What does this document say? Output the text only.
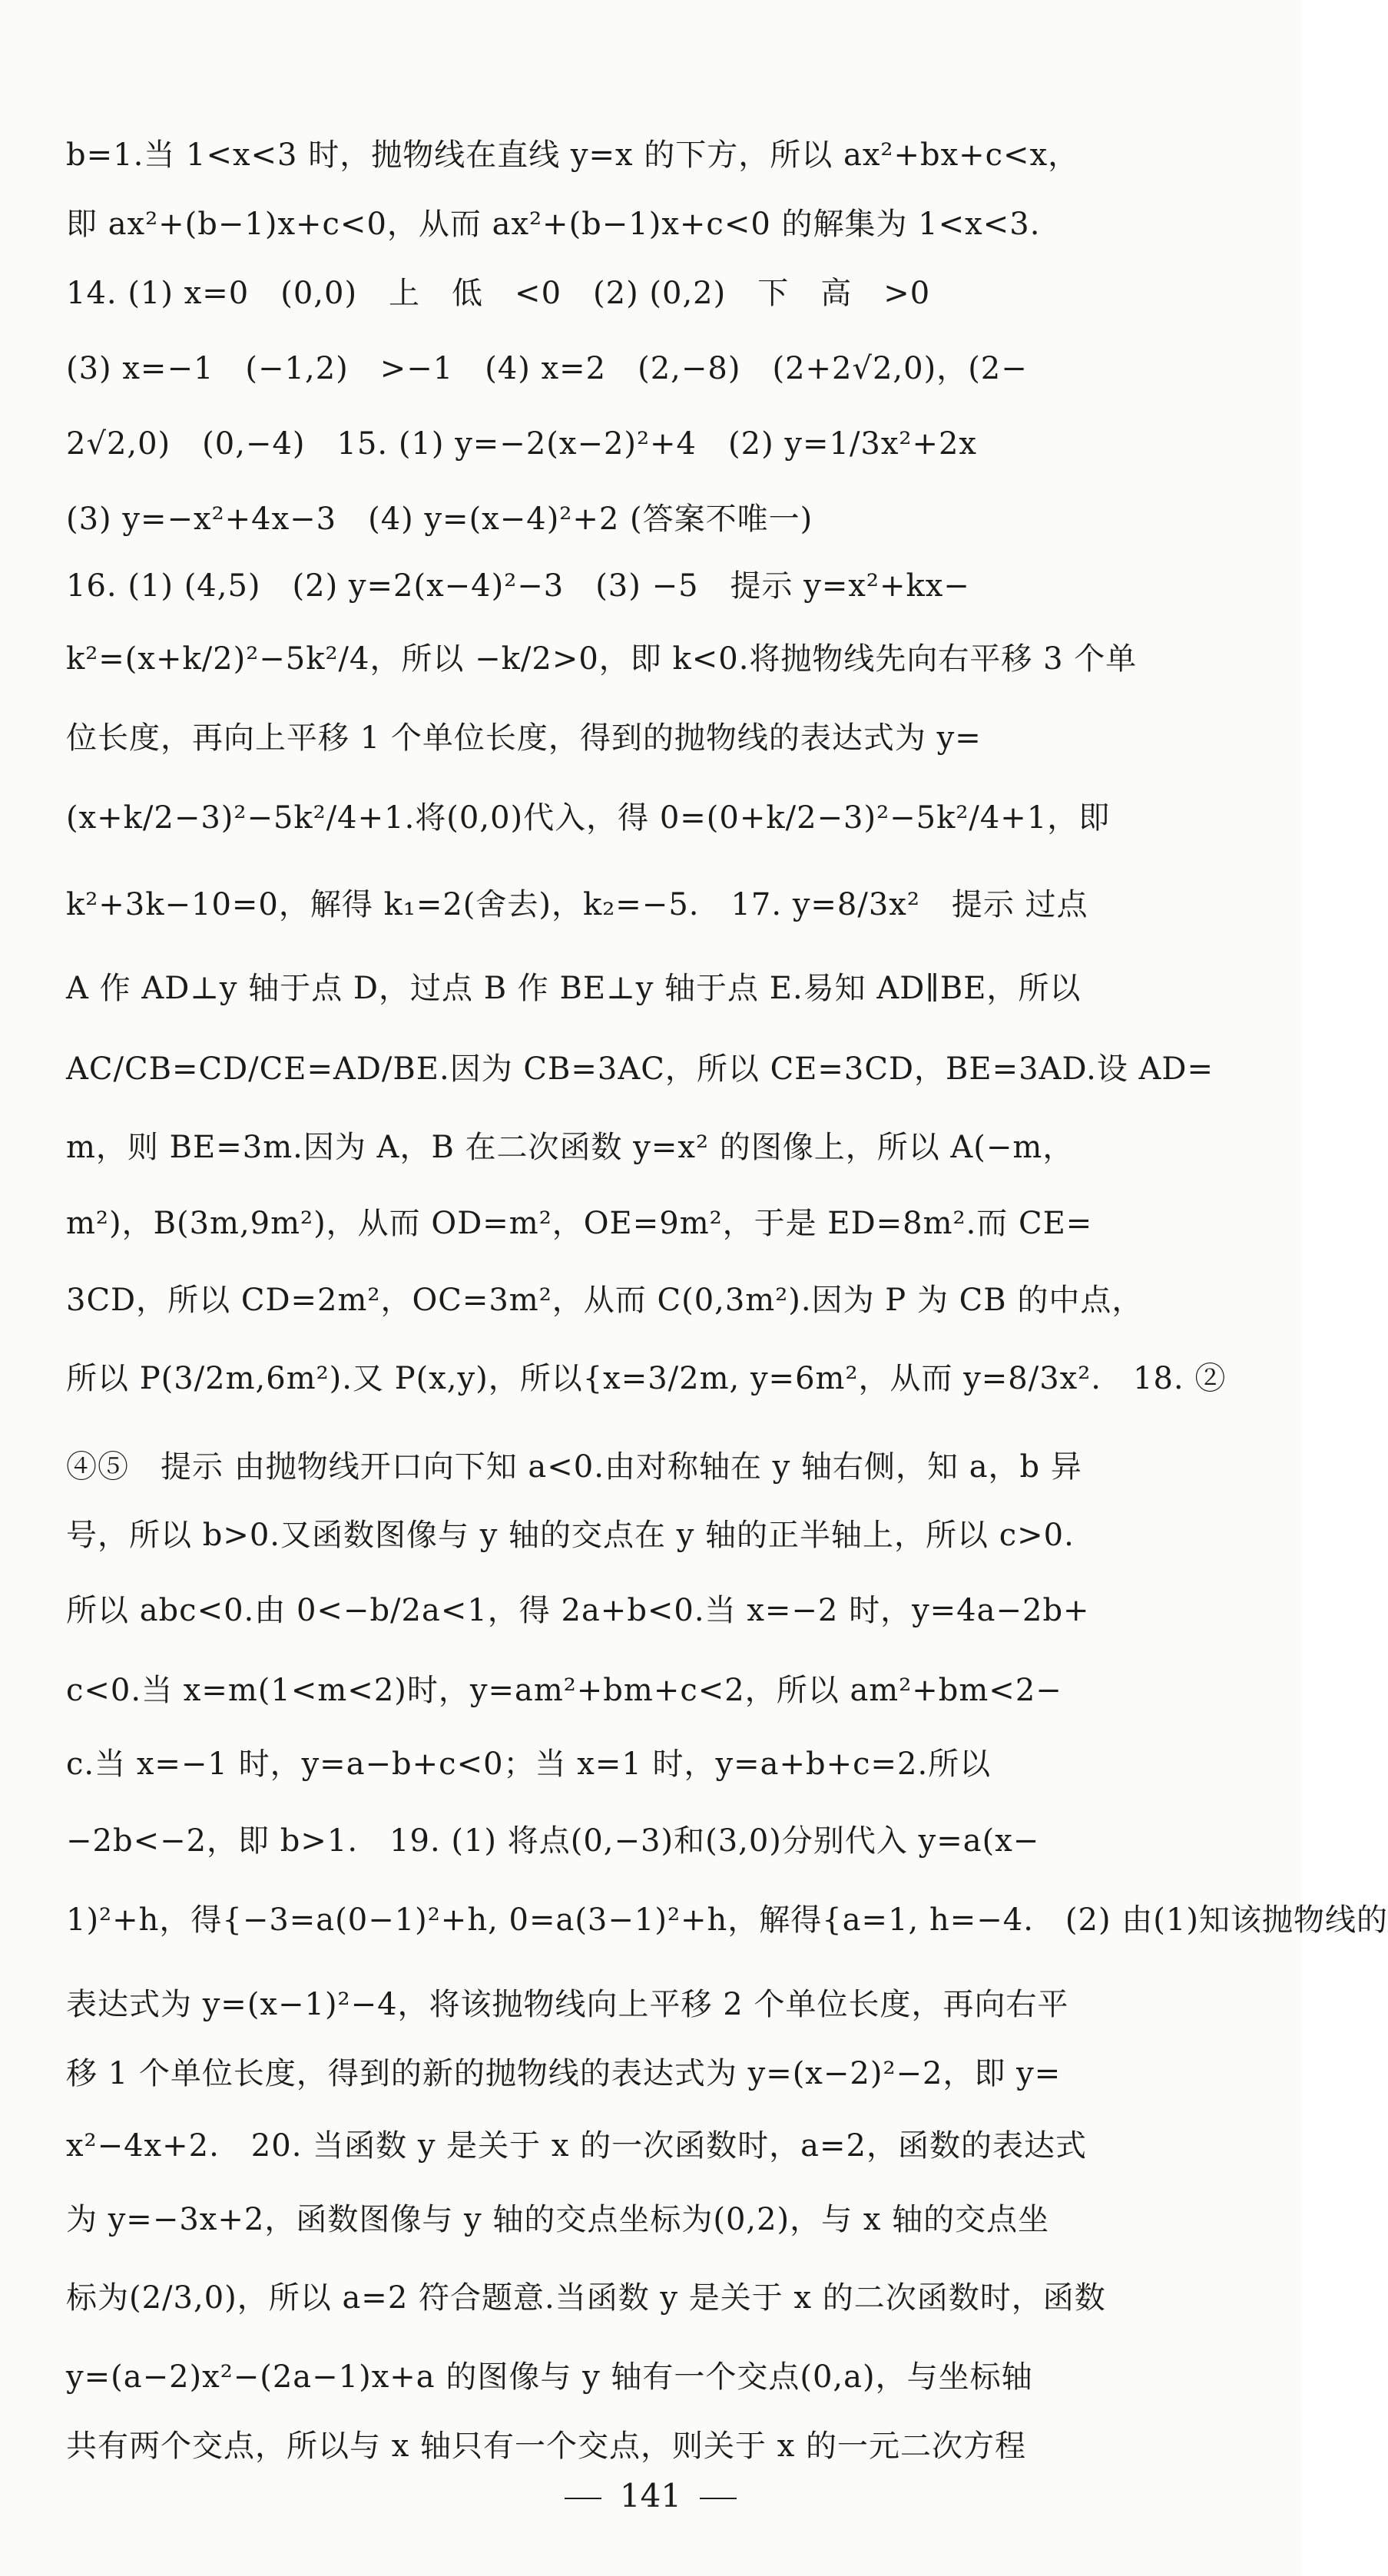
b=1.当 1<x<3 时，抛物线在直线 y=x 的下方，所以 ax²+bx+c<x，
即 ax²+(b−1)x+c<0，从而 ax²+(b−1)x+c<0 的解集为 1<x<3.
14. (1) x=0　(0,0)　上　低　<0　(2) (0,2)　下　高　>0
(3) x=−1　(−1,2)　>−1　(4) x=2　(2,−8)　(2+2√2,0)，(2−
2√2,0)　(0,−4)　15. (1) y=−2(x−2)²+4　(2) y=1/3x²+2x
(3) y=−x²+4x−3　(4) y=(x−4)²+2 (答案不唯一)
16. (1) (4,5)　(2) y=2(x−4)²−3　(3) −5　提示 y=x²+kx−
k²=(x+k/2)²−5k²/4，所以 −k/2>0，即 k<0.将抛物线先向右平移 3 个单
位长度，再向上平移 1 个单位长度，得到的抛物线的表达式为 y=
(x+k/2−3)²−5k²/4+1.将(0,0)代入，得 0=(0+k/2−3)²−5k²/4+1，即
k²+3k−10=0，解得 k₁=2(舍去)，k₂=−5.　17. y=8/3x²　提示 过点
A 作 AD⊥y 轴于点 D，过点 B 作 BE⊥y 轴于点 E.易知 AD∥BE，所以
AC/CB=CD/CE=AD/BE.因为 CB=3AC，所以 CE=3CD，BE=3AD.设 AD=
m，则 BE=3m.因为 A，B 在二次函数 y=x² 的图像上，所以 A(−m，
m²)，B(3m,9m²)，从而 OD=m²，OE=9m²，于是 ED=8m².而 CE=
3CD，所以 CD=2m²，OC=3m²，从而 C(0,3m²).因为 P 为 CB 的中点，
所以 P(3/2m,6m²).又 P(x,y)，所以{x=3/2m, y=6m²，从而 y=8/3x².　18. ②
④⑤　提示 由抛物线开口向下知 a<0.由对称轴在 y 轴右侧，知 a，b 异
号，所以 b>0.又函数图像与 y 轴的交点在 y 轴的正半轴上，所以 c>0.
所以 abc<0.由 0<−b/2a<1，得 2a+b<0.当 x=−2 时，y=4a−2b+
c<0.当 x=m(1<m<2)时，y=am²+bm+c<2，所以 am²+bm<2−
c.当 x=−1 时，y=a−b+c<0；当 x=1 时，y=a+b+c=2.所以
−2b<−2，即 b>1.　19. (1) 将点(0,−3)和(3,0)分别代入 y=a(x−
1)²+h，得{−3=a(0−1)²+h, 0=a(3−1)²+h，解得{a=1, h=−4.　(2) 由(1)知该抛物线的
表达式为 y=(x−1)²−4，将该抛物线向上平移 2 个单位长度，再向右平
移 1 个单位长度，得到的新的抛物线的表达式为 y=(x−2)²−2，即 y=
x²−4x+2.　20. 当函数 y 是关于 x 的一次函数时，a=2，函数的表达式
为 y=−3x+2，函数图像与 y 轴的交点坐标为(0,2)，与 x 轴的交点坐
标为(2/3,0)，所以 a=2 符合题意.当函数 y 是关于 x 的二次函数时，函数
y=(a−2)x²−(2a−1)x+a 的图像与 y 轴有一个交点(0,a)，与坐标轴
共有两个交点，所以与 x 轴只有一个交点，则关于 x 的一元二次方程
141
